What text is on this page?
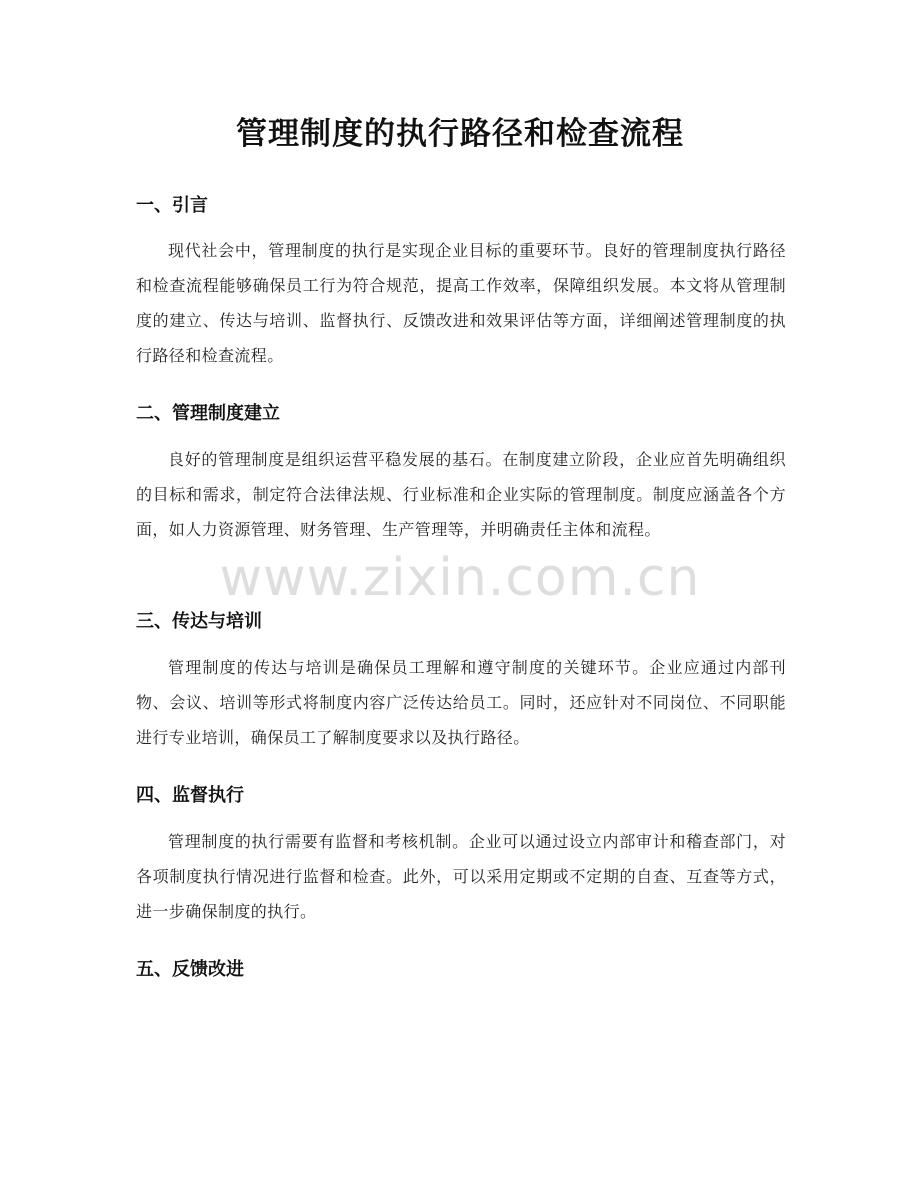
管理制度的执行路径和检查流程
一、引言
现代社会中，管理制度的执行是实现企业目标的重要环节。良好的管理制度执行路径和检查流程能够确保员工行为符合规范，提高工作效率，保障组织发展。本文将从管理制度的建立、传达与培训、监督执行、反馈改进和效果评估等方面，详细阐述管理制度的执行路径和检查流程。
二、管理制度建立
良好的管理制度是组织运营平稳发展的基石。在制度建立阶段，企业应首先明确组织的目标和需求，制定符合法律法规、行业标准和企业实际的管理制度。制度应涵盖各个方面，如人力资源管理、财务管理、生产管理等，并明确责任主体和流程。
www.zixin.com.cn
三、传达与培训
管理制度的传达与培训是确保员工理解和遵守制度的关键环节。企业应通过内部刊物、会议、培训等形式将制度内容广泛传达给员工。同时，还应针对不同岗位、不同职能进行专业培训，确保员工了解制度要求以及执行路径。
四、监督执行
管理制度的执行需要有监督和考核机制。企业可以通过设立内部审计和稽查部门，对各项制度执行情况进行监督和检查。此外，可以采用定期或不定期的自查、互查等方式，进一步确保制度的执行。
五、反馈改进
